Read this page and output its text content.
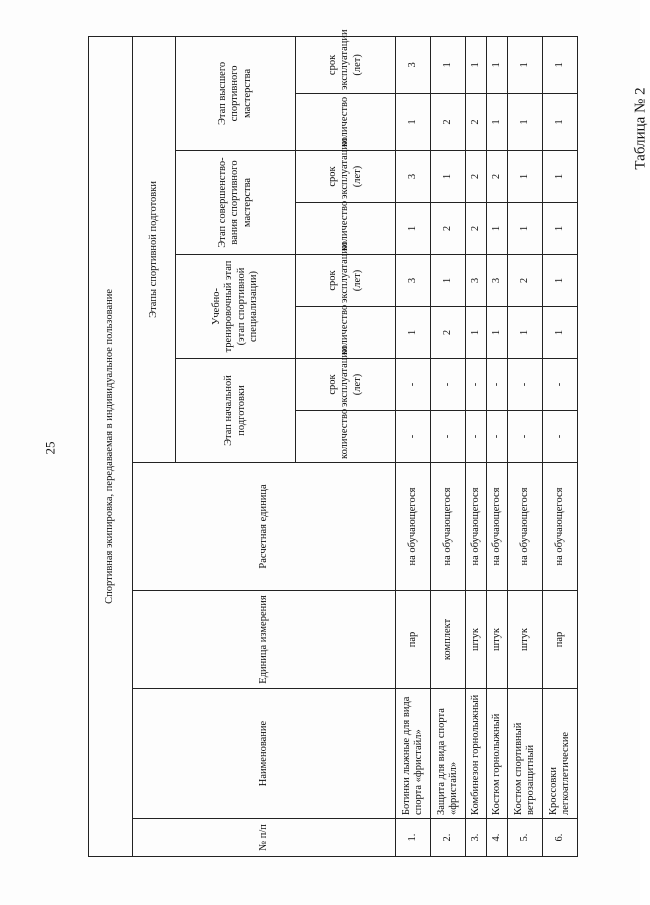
Таблица № 2
25	Спортивная экипировка, передаваемая в индивидуальное пользование											
№ п/п	Наименование	Единица измерения	Расчетная единица	Этапы спортивной подготовки							
				Этап начальной подготовки		Учебно-тренировочный этап (этап спортивной специализации)		Этап совершенство-вания спортивного мастерства		Этап высшего спортивного мастерства	
				количество	срок эксплуатации (лет)	количество	срок эксплуатации (лет)	количество	срок эксплуатации (лет)	количество	срок эксплуатации (лет)
1.	Ботинки лыжные для вида спорта «фристайл»	пар	на обучающегося	-	-	1	3	1	3	1	3
2.	Защита для вида спорта «фристайл»	комплект	на обучающегося	-	-	2	1	2	1	2	1
3.	Комбинезон горнолыжный	штук	на обучающегося	-	-	1	3	2	2	2	1
4.	Костюм горнолыжный	штук	на обучающегося	-	-	1	3	1	2	1	1
5.	Костюм спортивный ветрозащитный	штук	на обучающегося	-	-	1	2	1	1	1	1
6.	Кроссовки легкоатлетические	пар	на обучающегося	-	-	1	1	1	1	1	1
